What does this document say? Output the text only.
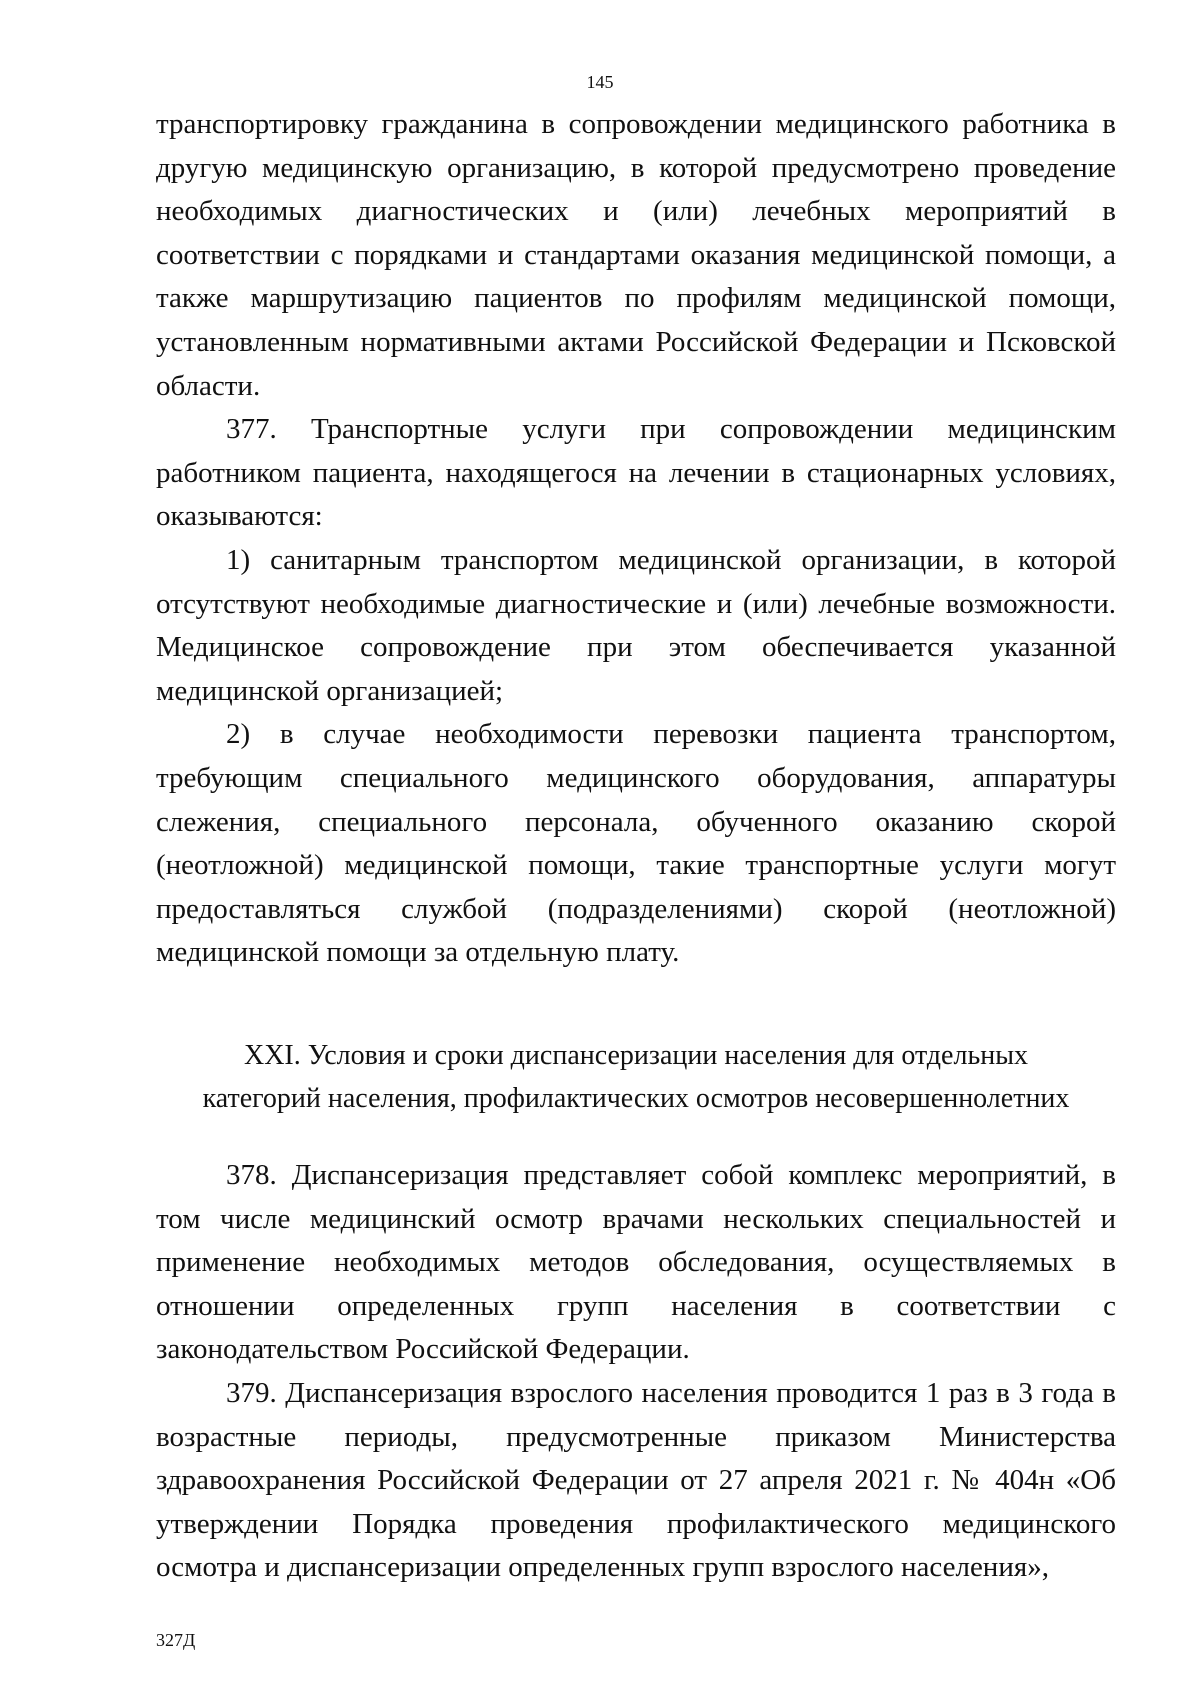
145

транспортировку гражданина в сопровождении медицинского работника в другую медицинскую организацию, в которой предусмотрено проведение необходимых диагностических и (или) лечебных мероприятий в соответствии с порядками и стандартами оказания медицинской помощи, а также маршрутизацию пациентов по профилям медицинской помощи, установленным нормативными актами Российской Федерации и Псковской области.

377. Транспортные услуги при сопровождении медицинским работником пациента, находящегося на лечении в стационарных условиях, оказываются:

1) санитарным транспортом медицинской организации, в которой отсутствуют необходимые диагностические и (или) лечебные возможности. Медицинское сопровождение при этом обеспечивается указанной медицинской организацией;

2) в случае необходимости перевозки пациента транспортом, требующим специального медицинского оборудования, аппаратуры слежения, специального персонала, обученного оказанию скорой (неотложной) медицинской помощи, такие транспортные услуги могут предоставляться службой (подразделениями) скорой (неотложной) медицинской помощи за отдельную плату.

XXI. Условия и сроки диспансеризации населения для отдельных
категорий населения, профилактических осмотров несовершеннолетних

378. Диспансеризация представляет собой комплекс мероприятий, в том числе медицинский осмотр врачами нескольких специальностей и применение необходимых методов обследования, осуществляемых в отношении определенных групп населения в соответствии с законодательством Российской Федерации.

379. Диспансеризация взрослого населения проводится 1 раз в 3 года в возрастные периоды, предусмотренные приказом Министерства здравоохранения Российской Федерации от 27 апреля 2021 г. № 404н «Об утверждении Порядка проведения профилактического медицинского осмотра и диспансеризации определенных групп взрослого населения»,

327Д
